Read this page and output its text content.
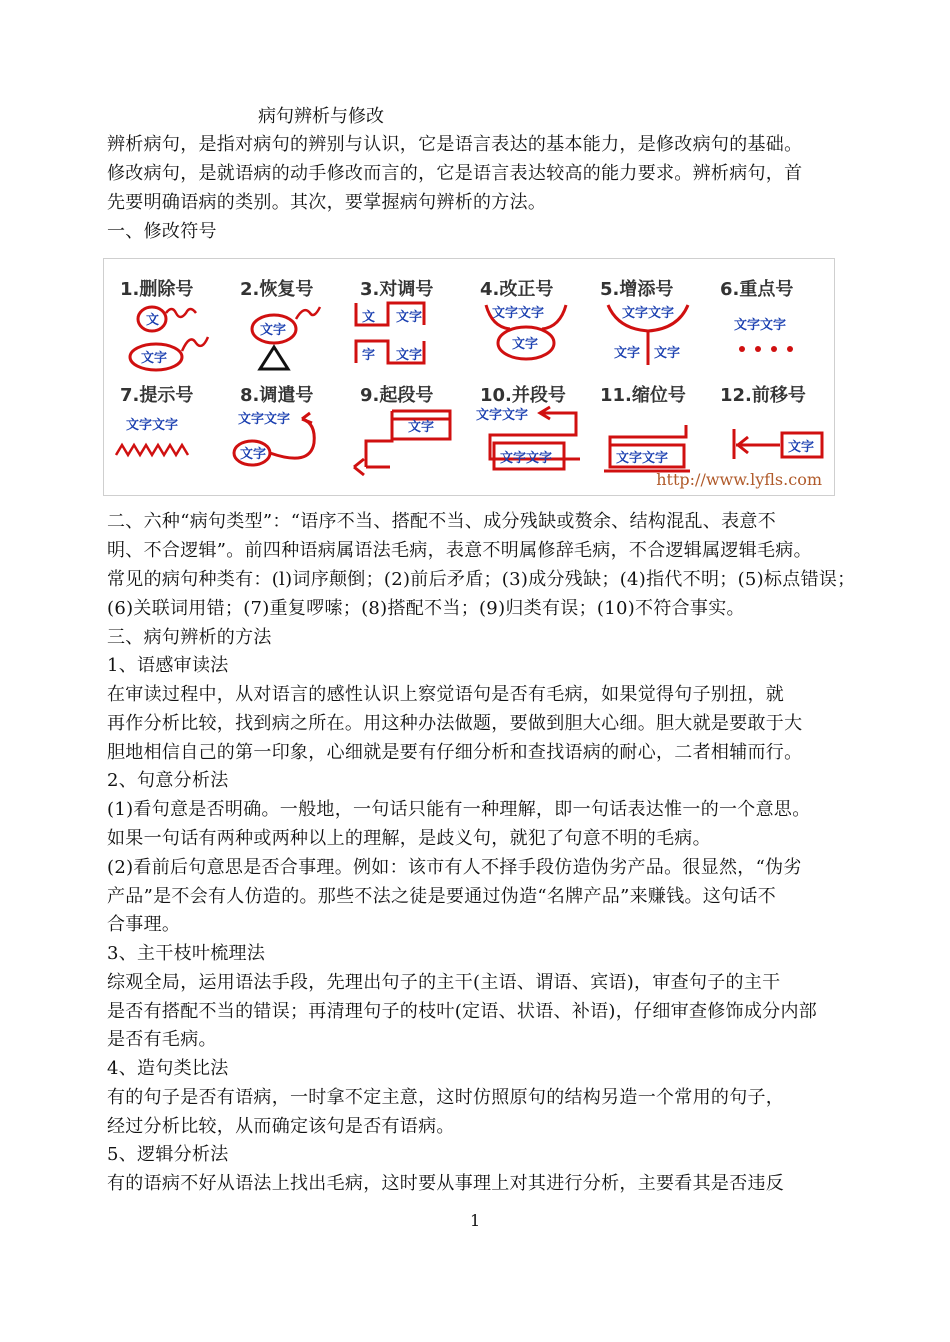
病句辨析与修改
辨析病句，是指对病句的辨别与认识，它是语言表达的基本能力，是修改病句的基础。
修改病句，是就语病的动手修改而言的，它是语言表达较高的能力要求。辨析病句，首
先要明确语病的类别。其次，要掌握病句辨析的方法。
一、修改符号
1.删除号
文
文字
2.恢复号
文字
3.对调号
文 文字
字 文字
4.改正号
文字文字
文字
5.增添号
文字文字
文字 文字
6.重点号
文字文字
7.提示号
文字文字
8.调遣号
文字文字
文字
9.起段号
文字
10.并段号
文字文字
文字文字
11.缩位号
文字文字
12.前移号
文字
http://www.lyfls.com
二、六种“病句类型”：“语序不当、搭配不当、成分残缺或赘余、结构混乱、表意不
明、不合逻辑”。前四种语病属语法毛病，表意不明属修辞毛病，不合逻辑属逻辑毛病。
常见的病句种类有：(l)词序颠倒；(2)前后矛盾；(3)成分残缺；(4)指代不明；(5)标点错误；
(6)关联词用错；(7)重复啰嗦；(8)搭配不当；(9)归类有误；(10)不符合事实。
三、病句辨析的方法
1、语感审读法
在审读过程中，从对语言的感性认识上察觉语句是否有毛病，如果觉得句子别扭，就
再作分析比较，找到病之所在。用这种办法做题，要做到胆大心细。胆大就是要敢于大
胆地相信自己的第一印象，心细就是要有仔细分析和查找语病的耐心，二者相辅而行。
2、句意分析法
(1)看句意是否明确。一般地，一句话只能有一种理解，即一句话表达惟一的一个意思。
如果一句话有两种或两种以上的理解，是歧义句，就犯了句意不明的毛病。
(2)看前后句意思是否合事理。例如：该市有人不择手段仿造伪劣产品。很显然，“伪劣
产品”是不会有人仿造的。那些不法之徒是要通过伪造“名牌产品”来赚钱。这句话不
合事理。
3、主干枝叶梳理法
综观全局，运用语法手段，先理出句子的主干(主语、谓语、宾语)，审查句子的主干
是否有搭配不当的错误；再清理句子的枝叶(定语、状语、补语)，仔细审查修饰成分内部
是否有毛病。
4、造句类比法
有的句子是否有语病，一时拿不定主意，这时仿照原句的结构另造一个常用的句子，
经过分析比较，从而确定该句是否有语病。
5、逻辑分析法
有的语病不好从语法上找出毛病，这时要从事理上对其进行分析，主要看其是否违反
1
